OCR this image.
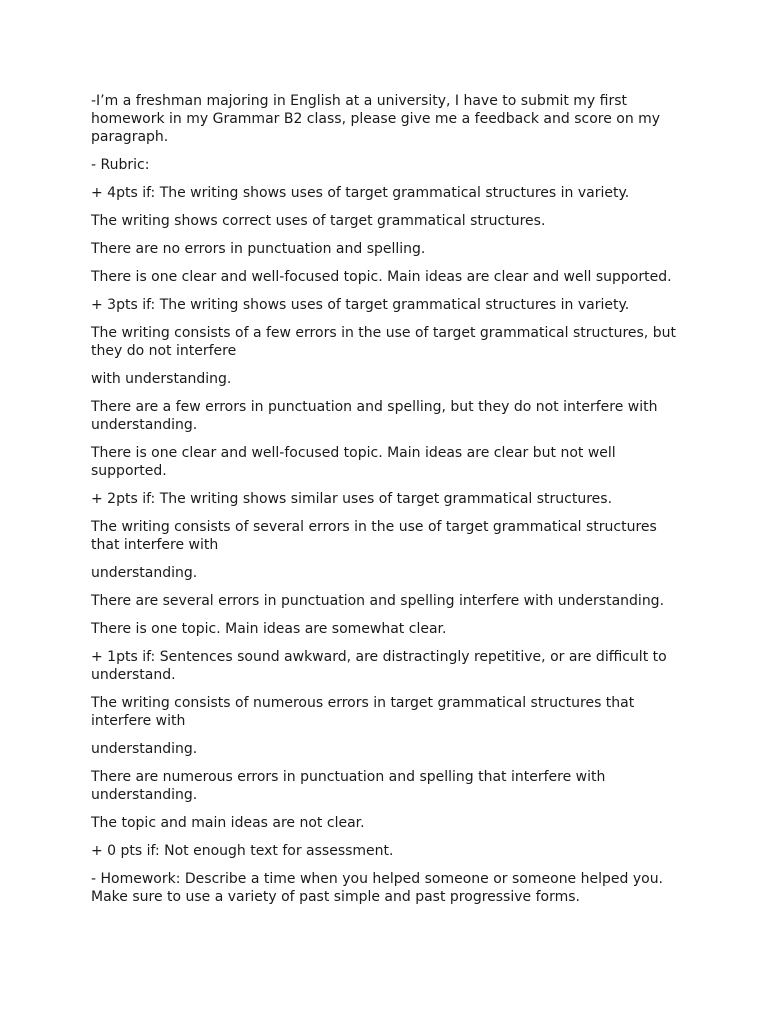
-I’m a freshman majoring in English at a university, I have to submit my first homework in my Grammar B2 class, please give me a feedback and score on my paragraph.

- Rubric:

+ 4pts if: The writing shows uses of target grammatical structures in variety.

The writing shows correct uses of target grammatical structures.

There are no errors in punctuation and spelling.

There is one clear and well-focused topic. Main ideas are clear and well supported.

+ 3pts if: The writing shows uses of target grammatical structures in variety.

The writing consists of a few errors in the use of target grammatical structures, but they do not interfere

with understanding.

There are a few errors in punctuation and spelling, but they do not interfere with understanding.

There is one clear and well-focused topic. Main ideas are clear but not well supported.

+ 2pts if: The writing shows similar uses of target grammatical structures.

The writing consists of several errors in the use of target grammatical structures that interfere with

understanding.

There are several errors in punctuation and spelling interfere with understanding.

There is one topic. Main ideas are somewhat clear.

+ 1pts if: Sentences sound awkward, are distractingly repetitive, or are difficult to understand.

The writing consists of numerous errors in target grammatical structures that interfere with

understanding.

There are numerous errors in punctuation and spelling that interfere with understanding.

The topic and main ideas are not clear.

+ 0 pts if: Not enough text for assessment.

- Homework: Describe a time when you helped someone or someone helped you. Make sure to use a variety of past simple and past progressive forms.
